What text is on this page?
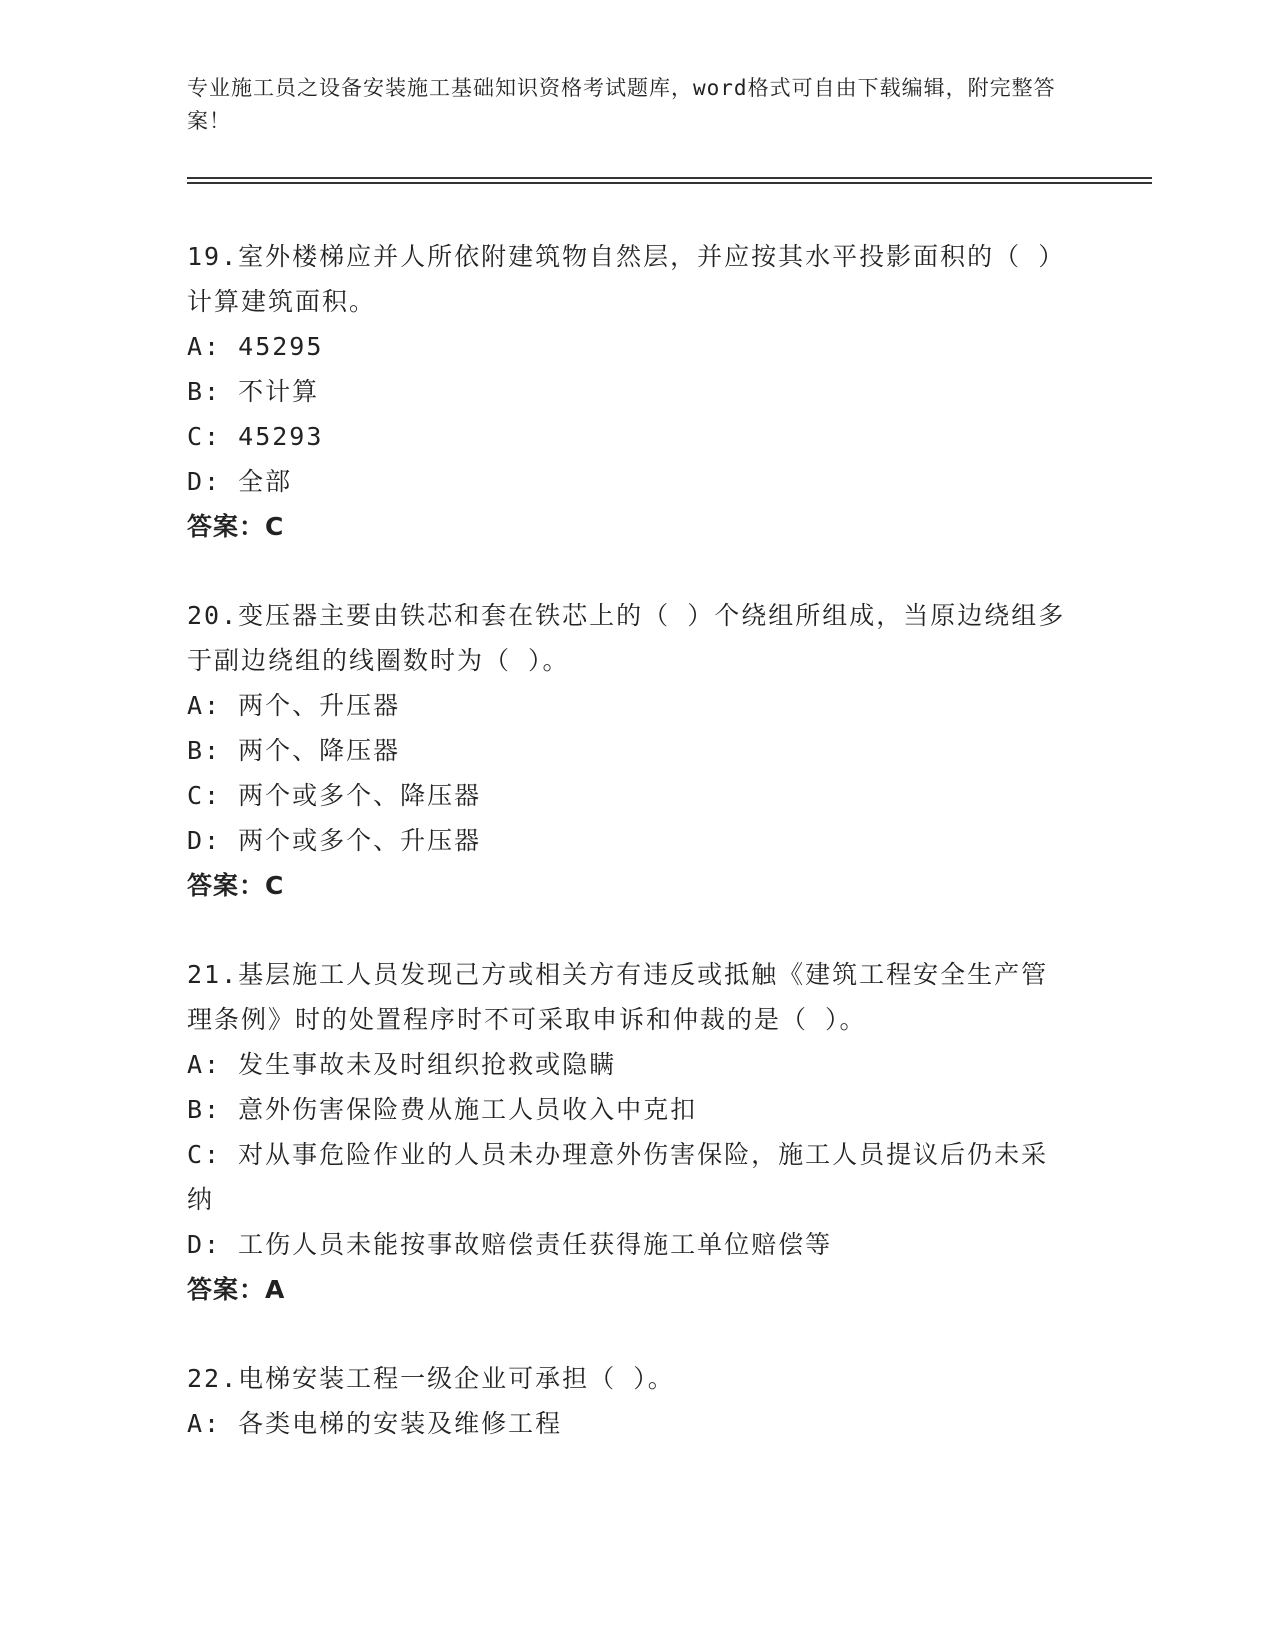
专业施工员之设备安装施工基础知识资格考试题库，word格式可自由下载编辑，附完整答案！

19.室外楼梯应并人所依附建筑物自然层，并应按其水平投影面积的（ ）计算建筑面积。

A: 45295

B: 不计算

C: 45293

D: 全部

答案：C

20.变压器主要由铁芯和套在铁芯上的（ ）个绕组所组成，当原边绕组多于副边绕组的线圈数时为（ ）。

A: 两个、升压器

B: 两个、降压器

C: 两个或多个、降压器

D: 两个或多个、升压器

答案：C

21.基层施工人员发现己方或相关方有违反或抵触《建筑工程安全生产管理条例》时的处置程序时不可采取申诉和仲裁的是（ ）。

A: 发生事故未及时组织抢救或隐瞒

B: 意外伤害保险费从施工人员收入中克扣

C: 对从事危险作业的人员未办理意外伤害保险，施工人员提议后仍未采纳

D: 工伤人员未能按事故赔偿责任获得施工单位赔偿等

答案：A

22.电梯安装工程一级企业可承担（ ）。

A: 各类电梯的安装及维修工程
